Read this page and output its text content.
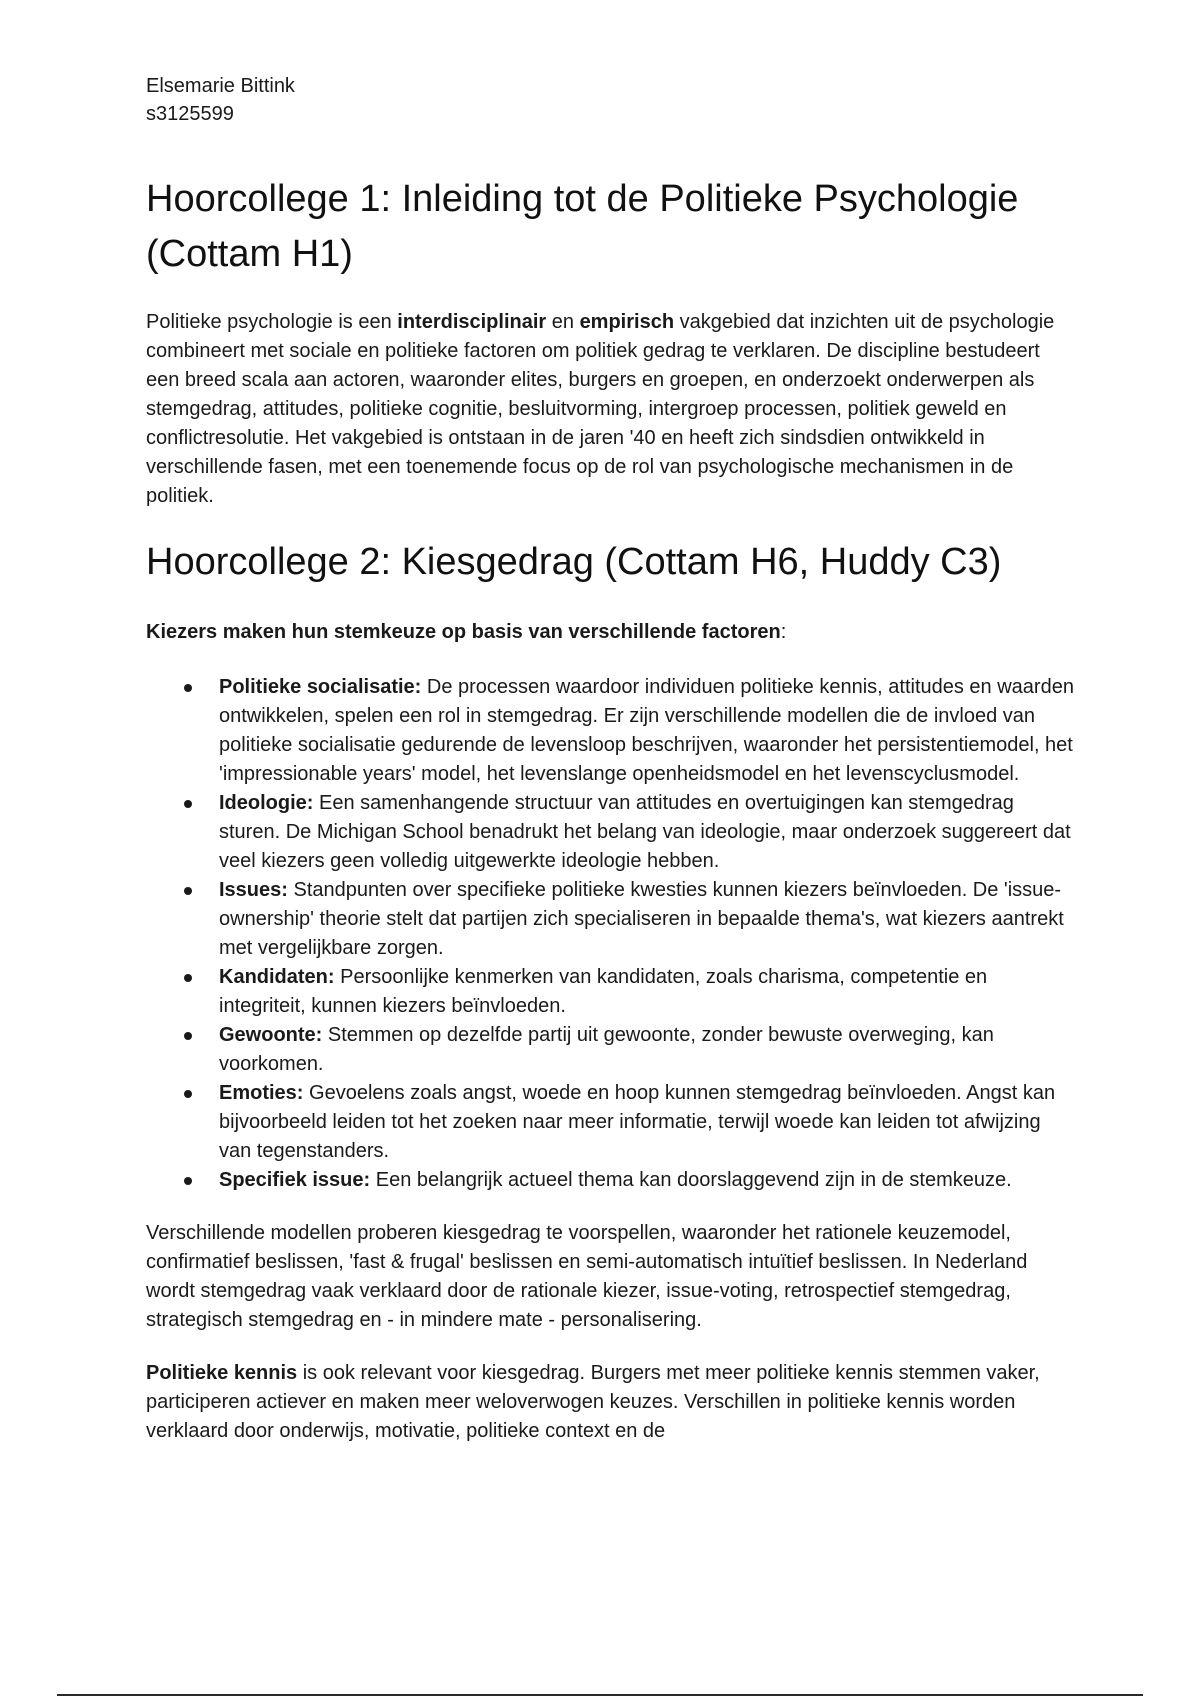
Elsemarie Bittink

s3125599

Hoorcollege 1: Inleiding tot de Politieke Psychologie (Cottam H1)

Politieke psychologie is een interdisciplinair en empirisch vakgebied dat inzichten uit de psychologie combineert met sociale en politieke factoren om politiek gedrag te verklaren. De discipline bestudeert een breed scala aan actoren, waaronder elites, burgers en groepen, en onderzoekt onderwerpen als stemgedrag, attitudes, politieke cognitie, besluitvorming, intergroep processen, politiek geweld en conflictresolutie. Het vakgebied is ontstaan in de jaren '40 en heeft zich sindsdien ontwikkeld in verschillende fasen, met een toenemende focus op de rol van psychologische mechanismen in de politiek.

Hoorcollege 2: Kiesgedrag (Cottam H6, Huddy C3)

Kiezers maken hun stemkeuze op basis van verschillende factoren:

Politieke socialisatie: De processen waardoor individuen politieke kennis, attitudes en waarden ontwikkelen, spelen een rol in stemgedrag. Er zijn verschillende modellen die de invloed van politieke socialisatie gedurende de levensloop beschrijven, waaronder het persistentiemodel, het 'impressionable years' model, het levenslange openheidsmodel en het levenscyclusmodel.
Ideologie: Een samenhangende structuur van attitudes en overtuigingen kan stemgedrag sturen. De Michigan School benadrukt het belang van ideologie, maar onderzoek suggereert dat veel kiezers geen volledig uitgewerkte ideologie hebben.
Issues: Standpunten over specifieke politieke kwesties kunnen kiezers beïnvloeden. De 'issue-ownership' theorie stelt dat partijen zich specialiseren in bepaalde thema's, wat kiezers aantrekt met vergelijkbare zorgen.
Kandidaten: Persoonlijke kenmerken van kandidaten, zoals charisma, competentie en integriteit, kunnen kiezers beïnvloeden.
Gewoonte: Stemmen op dezelfde partij uit gewoonte, zonder bewuste overweging, kan voorkomen.
Emoties: Gevoelens zoals angst, woede en hoop kunnen stemgedrag beïnvloeden. Angst kan bijvoorbeeld leiden tot het zoeken naar meer informatie, terwijl woede kan leiden tot afwijzing van tegenstanders.
Specifiek issue: Een belangrijk actueel thema kan doorslaggevend zijn in de stemkeuze.

Verschillende modellen proberen kiesgedrag te voorspellen, waaronder het rationele keuzemodel, confirmatief beslissen, 'fast & frugal' beslissen en semi-automatisch intuïtief beslissen. In Nederland wordt stemgedrag vaak verklaard door de rationale kiezer, issue-voting, retrospectief stemgedrag, strategisch stemgedrag en - in mindere mate - personalisering.

Politieke kennis is ook relevant voor kiesgedrag. Burgers met meer politieke kennis stemmen vaker, participeren actiever en maken meer weloverwogen keuzes. Verschillen in politieke kennis worden verklaard door onderwijs, motivatie, politieke context en de
